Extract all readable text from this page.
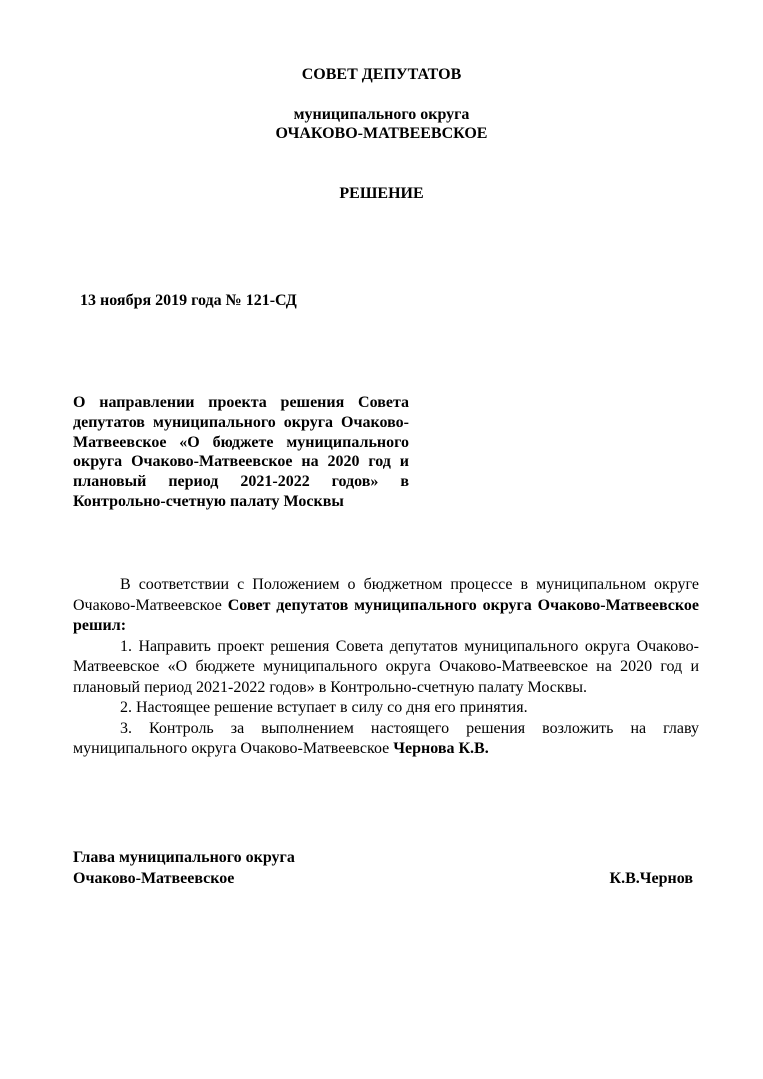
СОВЕТ ДЕПУТАТОВ
муниципального округа
ОЧАКОВО-МАТВЕЕВСКОЕ
РЕШЕНИЕ
13 ноября 2019 года № 121-СД
О направлении проекта решения Совета депутатов муниципального округа Очаково-Матвеевское «О бюджете муниципального округа Очаково-Матвеевское на 2020 год и плановый период 2021-2022 годов» в Контрольно-счетную палату Москвы

В соответствии с Положением о бюджетном процессе в муниципальном округе Очаково-Матвеевское Совет депутатов муниципального округа Очаково-Матвеевское решил:

1. Направить проект решения Совета депутатов муниципального округа Очаково-Матвеевское «О бюджете муниципального округа Очаково-Матвеевское на 2020 год и плановый период 2021-2022 годов» в Контрольно-счетную палату Москвы.

2. Настоящее решение вступает в силу со дня его принятия.

3. Контроль за выполнением настоящего решения возложить на главу муниципального округа Очаково-Матвеевское Чернова К.В.

Глава муниципального округа
Очаково-Матвеевское	К.В.Чернов
